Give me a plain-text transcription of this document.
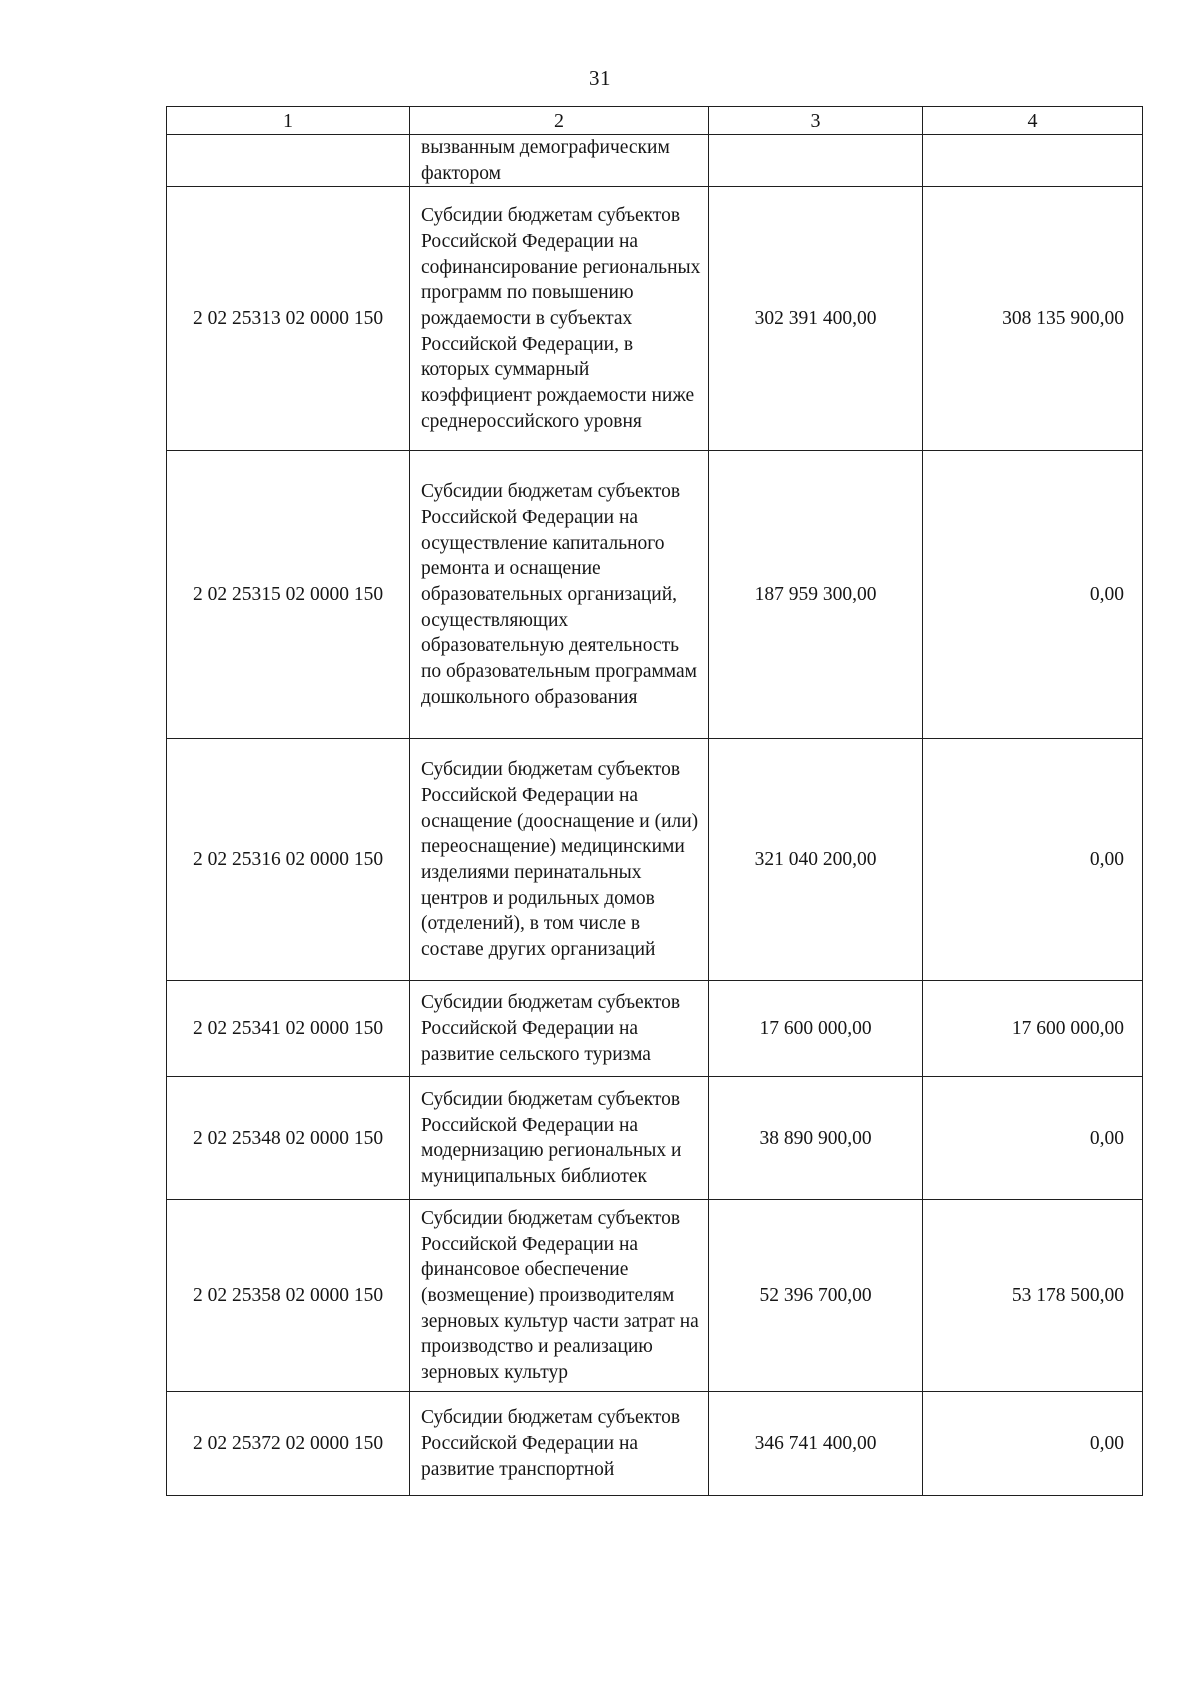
31
1	2	3	4

	вызванным демографическим фактором		

2 02 25313 02 0000 150	Субсидии бюджетам субъектов Российской Федерации на софинансирование региональных программ по повышению рождаемости в субъектах Российской Федерации, в которых суммарный коэффициент рождаемости ниже среднероссийского уровня	302 391 400,00	308 135 900,00
2 02 25315 02 0000 150	Субсидии бюджетам субъектов Российской Федерации на осуществление капитального ремонта и оснащение образовательных организаций, осуществляющих образовательную деятельность по образовательным программам дошкольного образования	187 959 300,00	0,00
2 02 25316 02 0000 150	Субсидии бюджетам субъектов Российской Федерации на оснащение (дооснащение и (или) переоснащение) медицинскими изделиями перинатальных центров и родильных домов (отделений), в том числе в составе других организаций	321 040 200,00	0,00
2 02 25341 02 0000 150	Субсидии бюджетам субъектов Российской Федерации на развитие сельского туризма	17 600 000,00	17 600 000,00
2 02 25348 02 0000 150	Субсидии бюджетам субъектов Российской Федерации на модернизацию региональных и муниципальных библиотек	38 890 900,00	0,00
2 02 25358 02 0000 150	Субсидии бюджетам субъектов Российской Федерации на финансовое обеспечение (возмещение) производителям зерновых культур части затрат на производство и реализацию зерновых культур	52 396 700,00	53 178 500,00
2 02 25372 02 0000 150	Субсидии бюджетам субъектов Российской Федерации на развитие транспортной	346 741 400,00	0,00
